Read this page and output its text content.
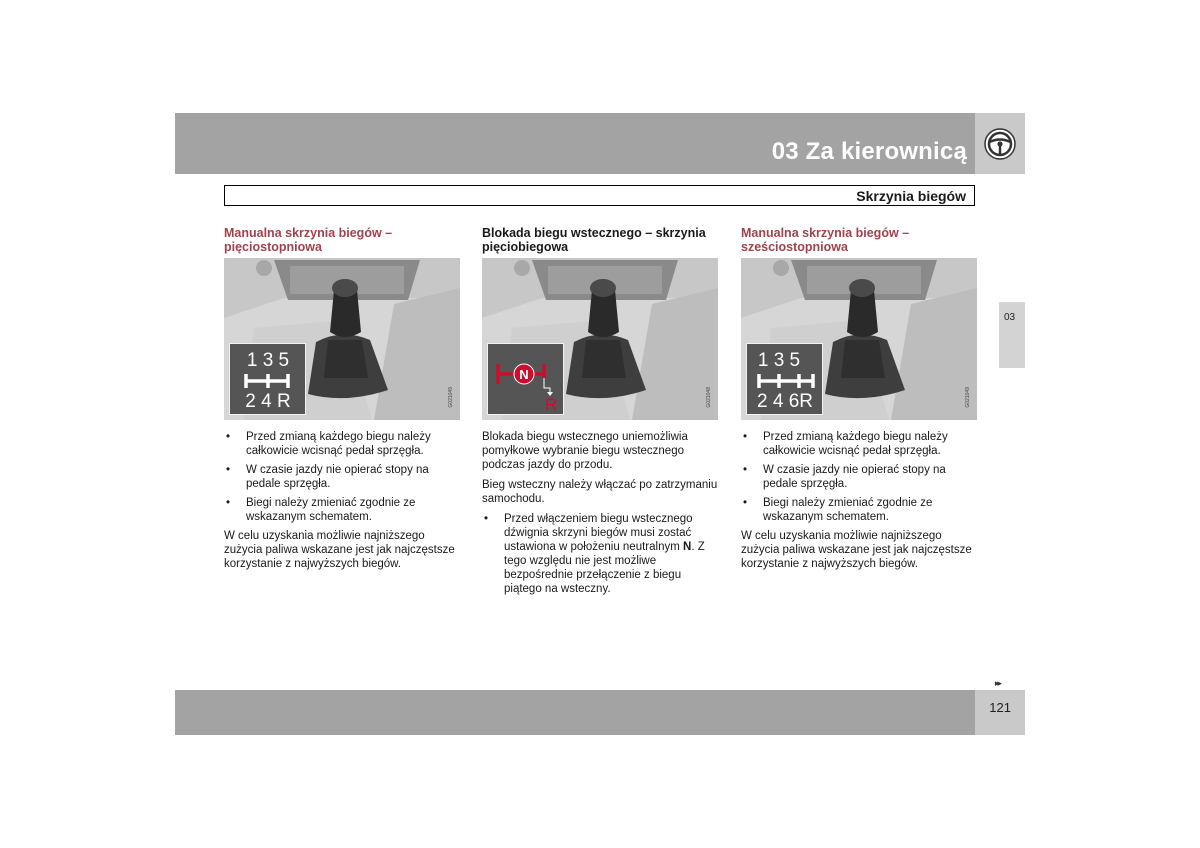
03 Za kierownicą
Skrzynia biegów
03
Manualna skrzynia biegów – pięciostopniowa
1 3 5
2 4 R	G021049
•	Przed zmianą każdego biegu należy całkowicie wcisnąć pedał sprzęgła.
•	W czasie jazdy nie opierać stopy na pedale sprzęgła.
•	Biegi należy zmieniać zgodnie ze wskazanym schematem.

W celu uzyskania możliwie najniższego zużycia paliwa wskazane jest jak najczęstsze korzystanie z najwyższych biegów.

Blokada biegu wstecznego – skrzynia pięciobiegowa
N
R	G021048

Blokada biegu wstecznego uniemożliwia pomyłkowe wybranie biegu wstecznego podczas jazdy do przodu.

Bieg wsteczny należy włączać po zatrzymaniu samochodu.

•	Przed włączeniem biegu wstecznego dźwignia skrzyni biegów musi zostać ustawiona w położeniu neutralnym N. Z tego względu nie jest możliwe bezpośrednie przełączenie z biegu piątego na wsteczny.
Manualna skrzynia biegów – sześciostopniowa
1 3 5
2 4 6R	G021049
•	Przed zmianą każdego biegu należy całkowicie wcisnąć pedał sprzęgła.
•	W czasie jazdy nie opierać stopy na pedale sprzęgła.
•	Biegi należy zmieniać zgodnie ze wskazanym schematem.

W celu uzyskania możliwie najniższego zużycia paliwa wskazane jest jak najczęstsze korzystanie z najwyższych biegów.

▸▸
121
